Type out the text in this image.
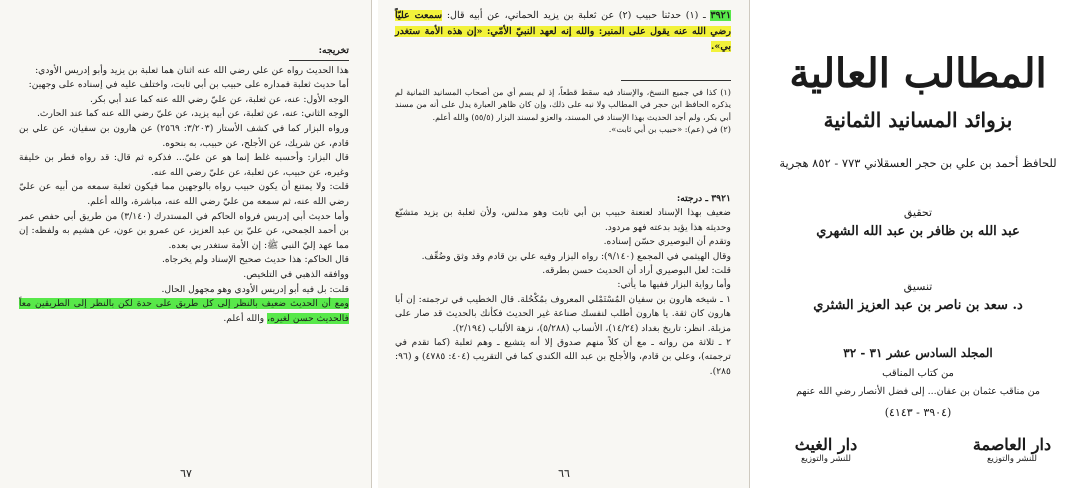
تخريجه:

هذا الحديث رواه عن علي رضي الله عنه اثنان هما ثعلبة بن يزيد وأبو إدريس الأودي:

أما حديث ثعلبة فمداره على حبيب بن أبي ثابت، واختلف عليه في إسناده على وجهين:

الوجه الأول: عنه، عن ثعلبة، عن عليّ رضي الله عنه كما عند أبي بكر.

الوجه الثاني: عنه، عن ثعلبة، عن أبيه يزيد، عن عليّ رضي الله عنه كما عند الحارث.

ورواه البزار كما في كشف الأستار (٣/٢٠٣: ٢٥٦٩) عن هارون بن سفيان، عن علي بن قادم، عن شريك، عن الأجلح، عن حبيب، به بنحوه.

قال البزار: وأحسبه غلط إنما هو عن عليّ... فذكره ثم قال: قد رواه فطر بن خليفة وغيره، عن حبيب، عن ثعلبة، عن عليّ رضي الله عنه.

قلت: ولا يمتنع أن يكون حبيب رواه بالوجهين مما فيكون ثعلبة سمعه من أبيه عن عليّ رضي الله عنه، ثم سمعه من عليّ رضي الله عنه، مباشرة، والله أعلم.

وأما حديث أبي إدريس فرواه الحاكم في المستدرك (٣/١٤٠) من طريق أبي حفص عمر بن أحمد الجمحي، عن عليّ بن عبد العزيز، عن عمرو بن عون، عن هشيم به ولفظه: إن مما عهد إليّ النبي ﷺ: إن الأمة ستغدر بي بعده.

قال الحاكم: هذا حديث صحيح الإسناد ولم يخرجاه.

ووافقه الذهبي في التلخيص.

قلت: بل فيه أبو إدريس الأودي وهو مجهول الحال.

ومع أن الحديث ضعيف بالنظر إلى كل طريق على حدة لكن بالنظر إلى الطريقين معاً فالحديث حسن لغيره، والله أعلم.

٦٧

٣٩٢١ ـ (١) حدثنا حبيب (٢) عن ثعلبة بن يزيد الحماني، عن أبيه قال: سمعت عليّاً رضي الله عنه يقول على المنبر: والله إنه لعهد النبيّ الأمّي: «إن هذه الأمة ستغدر بي».

(١) كذا في جميع النسخ، والإسناد فيه سقط قطعاً، إذ لم يسم أي من أصحاب المسانيد الثمانية لم يذكره الحافظ ابن حجر في المطالب ولا نبه على ذلك، وإن كان ظاهر العبارة يدل على أنه من مسند أبي بكر، ولم أجد الحديث بهذا الإسناد في المسند، والعزو لمسند البزار (٥٥/٥) والله أعلم.

(٢) في (عم): «حبيب بن أبي ثابت».

٣٩٢١ ـ درجته:

ضعيف بهذا الإسناد لعنعنة حبيب بن أبي ثابت وهو مدلس، ولأن ثعلبة بن يزيد متشيّع وحديثه هذا يؤيد بدعته فهو مردود.

وتقدم أن البوصيري حسّن إسناده.

وقال الهيثمي في المجمع (٩/١٤٠): رواه البزار وفيه علي بن قادم وقد وثق وضُعِّف.

قلت: لعل البوصيري أراد أن الحديث حسن بطرقه.

وأما رواية البزار ففيها ما يأتي:

١ ـ شيخه هارون بن سفيان المُسْتَمْلي المعروف بمُكْحُلة. قال الخطيب في ترجمته: إن أبا هارون كان ثقة. يا هارون أطلب لنفسك صناعة غير الحديث فكأنك بالحديث قد صار على مزبلة. انظر: تاريخ بغداد (١٤/٢٤)، الأنساب (٥/٢٨٨)، نزهة الألباب (٢/١٩٤).

٢ ـ ثلاثة من رواته ـ مع أن كلاً منهم صدوق إلا أنه يتشيع ـ وهم ثعلبة (كما تقدم في ترجمته)، وعلي بن قادم، والأجلح بن عبد الله الكندي كما في التقريب (٤٠٤: ٤٧٨٥) و (٩٦: ٢٨٥).

٦٦
المطالب العالية
بزوائد المسانيد الثمانية
للحافظ أحمد بن علي بن حجر العسقلاني ٧٧٣ - ٨٥٢ هجرية
تحقيق
عبد الله بن ظافر بن عبد الله الشهري
تنسيق
د. سعد بن ناصر بن عبد العزيز الشثري
المجلد السادس عشر ٣١ - ٣٢
من كتاب المناقب
من مناقب عثمان بن عفان... إلى فضل الأنصار رضي الله عنهم
(٣٩٠٤ - ٤١٤٣)
دار العاصمة
للنشر والتوزيع
دار الغيث
للنشر والتوزيع
